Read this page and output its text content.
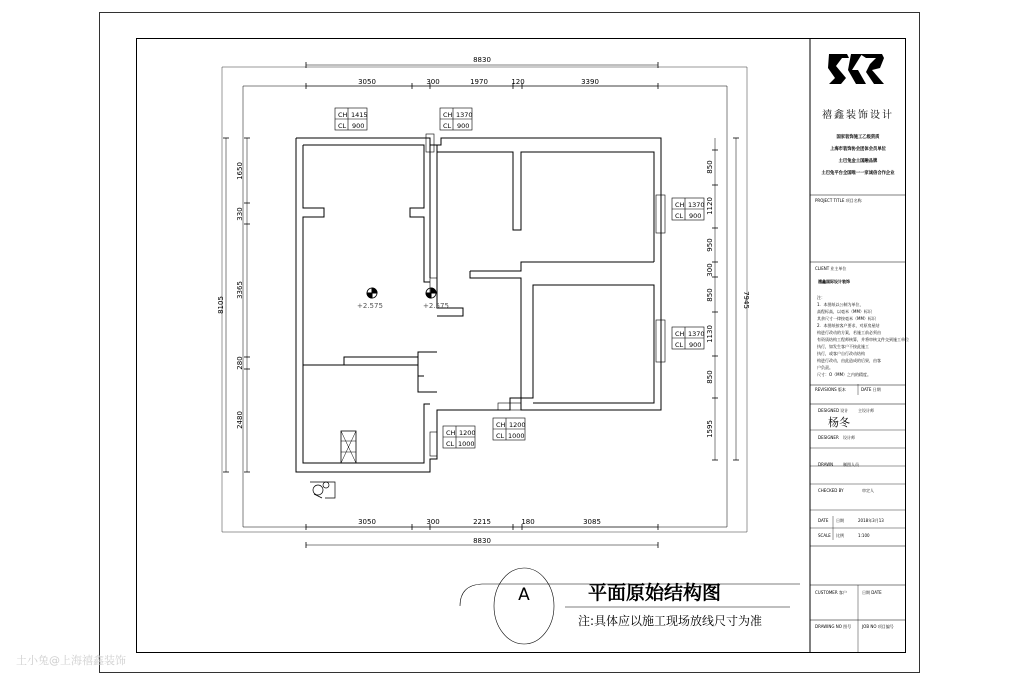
8830
3050	300	1970	120	3390
3050	300	2215	180	3085
8830
8105
1650
330
3365
280
2480
7945
850
1120
950
300
850
1130
850
1595
+2.575	+2.575
CH 1415
CL 900
CH 1370
CL 900
CH 1370
CL 900
CH 1370
CL 900
CH 1200
CL 1000
CH 1200
CL 1000
A	平面原始结构图
注:具体应以施工现场放线尺寸为准
禧鑫装饰设计
国家装饰施工乙级资质
上海市装饰协会团体会员单位
土巴兔金土国融品牌
土巴兔平台全国唯一一家诚信合作企业
PROJECT TITLE 项目名称
CLIENT 业主单位
禧鑫国际设计装饰
注：
1．本图纸以公制为单位，
高程标高，以毫米（MM）标识
其余尺寸一律按毫米（MM）标识
2．本图纸按客户要求，对原房屋结
构进行改动的方案，若施工前必须由
有资质结构工程师核算，并将审核文件交到施工单位
执行，如发生客户不按此施工
执行，或客户自行改动结构
构进行改动，由此造成的后果，由客
户负责。
尺寸：O（MM）之内的精度。
REVISIONS 版本	DATE 日期
DESIGNED 设计 主设计师
杨冬
DESIGNER 设计师
DRAWN 制图人员
CHECKED BY	审定人
DATE 日期	2018年3月13
SCALE 比例	1:100
CUSTOMER 客户	日期 DATE
DRAWING NO 图号	JOB NO 项目编号
土小兔@上海禧鑫装饰
